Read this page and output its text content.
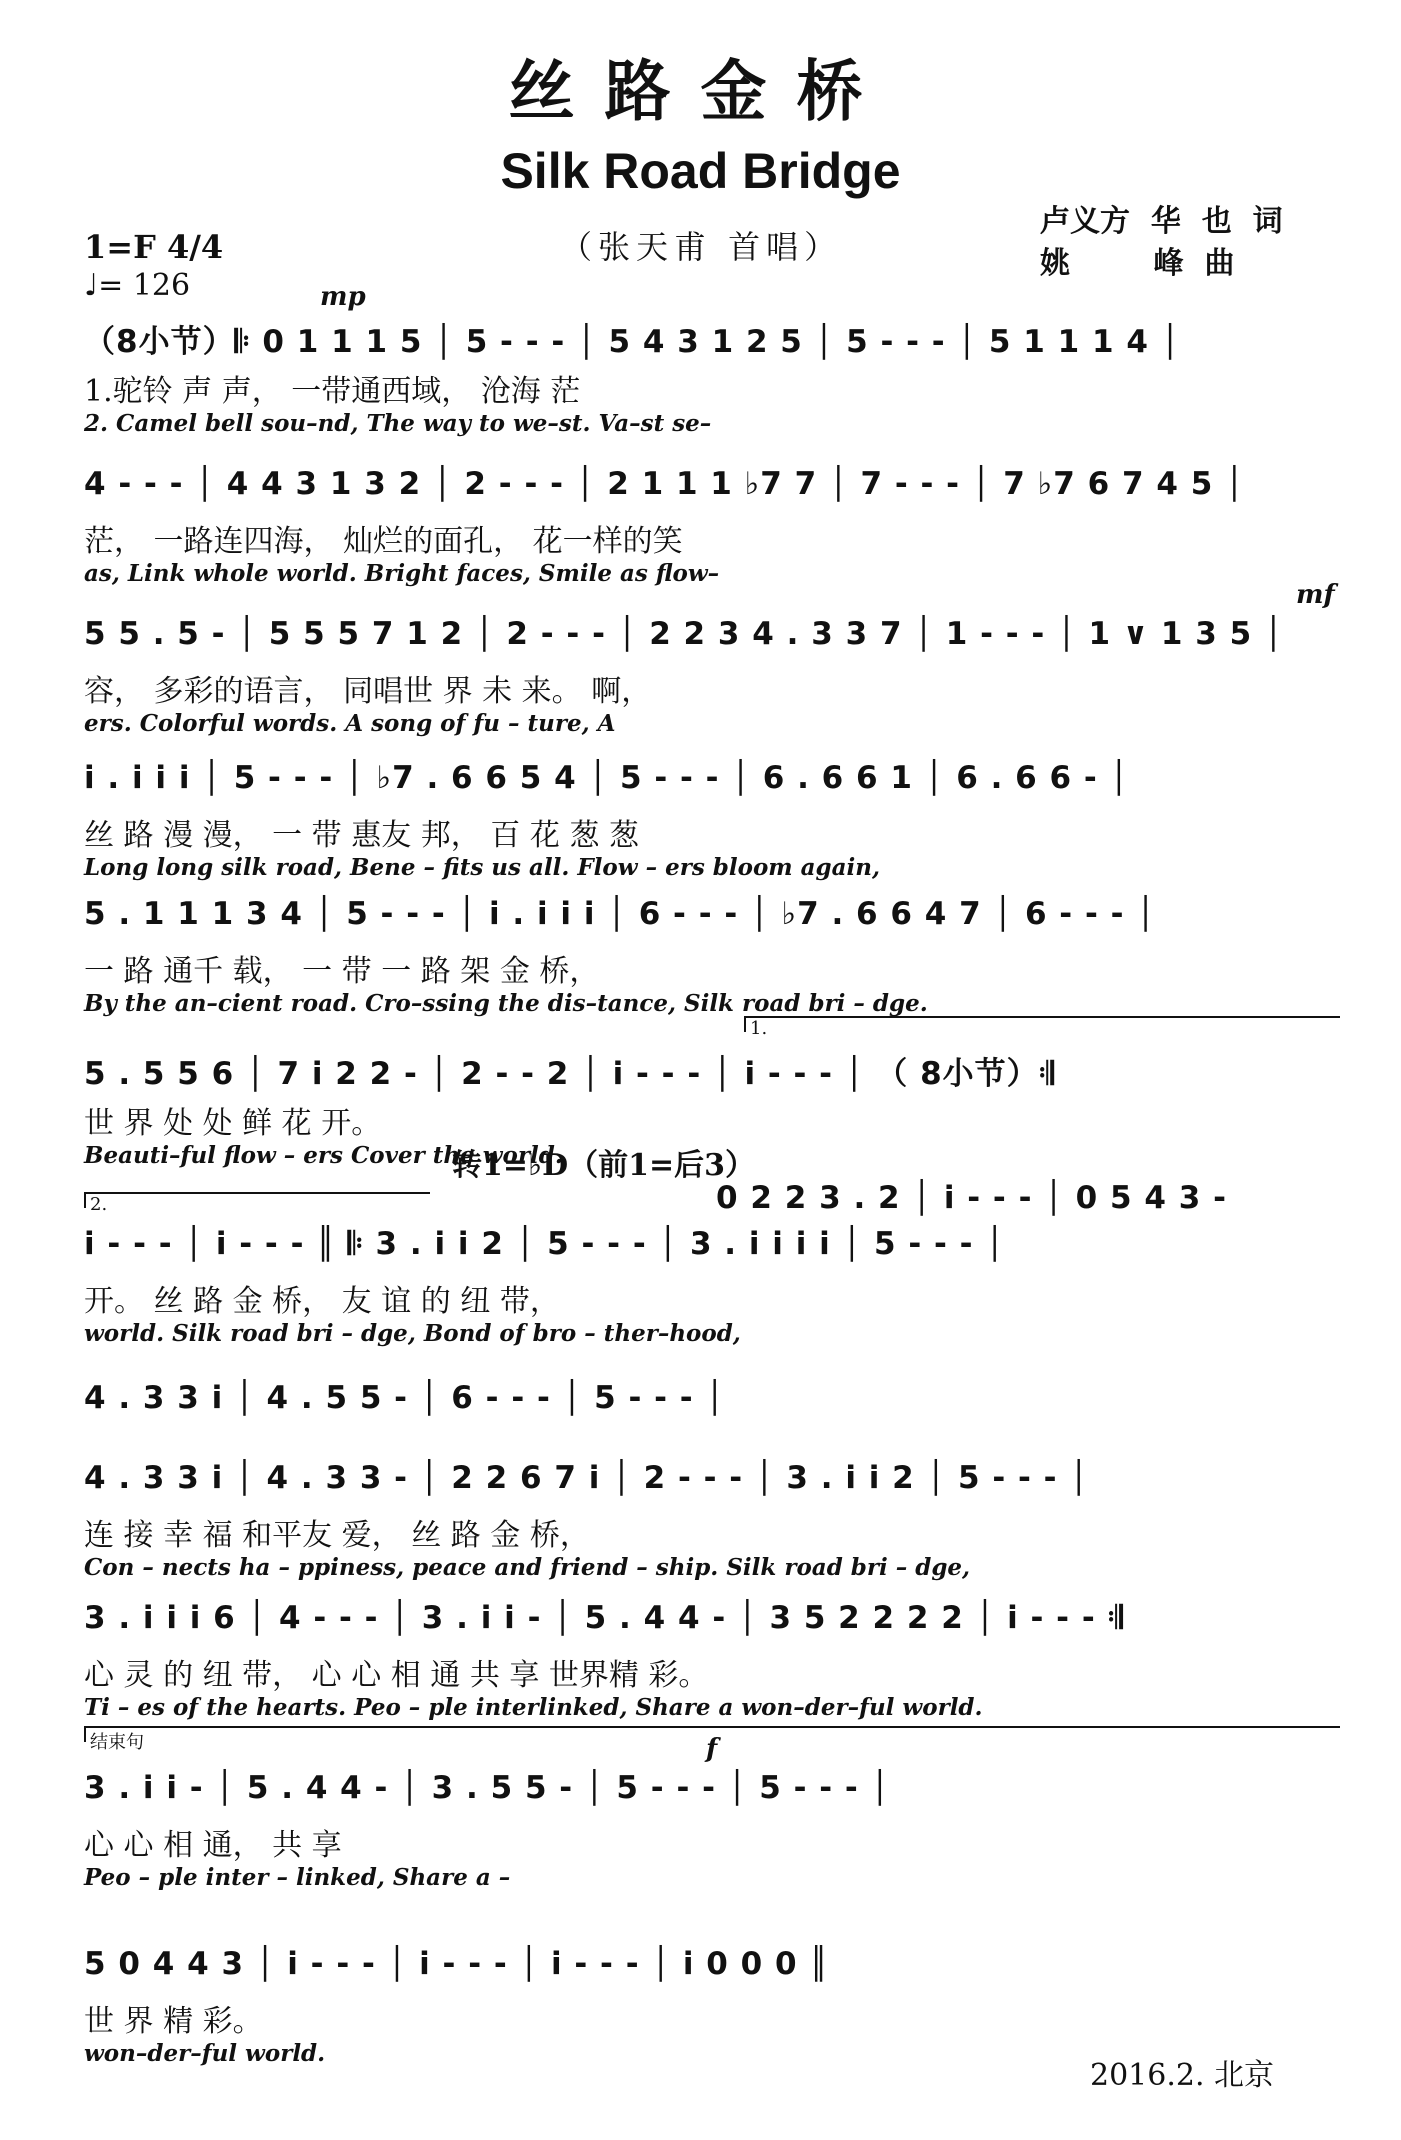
丝路金桥
Silk Road Bridge
（张天甫 首唱）
卢义方  华  也  词
姚        峰  曲
1=F 4/4
♩= 126
（8小节）𝄆 0 1 1 1 5 │ 5 - - - │ 5 4 3 1 2 5 │ 5 - - - │ 5 1 1 1 4 │
1.驼铃 声 声， 一带通西域， 沧海 茫
2. Camel bell sou–nd, The way to we–st. Va–st se–
mp
4 - - - │ 4 4 3 1 3 2 │ 2 - - - │ 2 1 1 1 ♭7 7 │ 7 - - - │ 7 ♭7 6 7 4 5 │
茫， 一路连四海， 灿烂的面孔， 花一样的笑
as, Link whole world. Bright faces, Smile as flow–
5 5 . 5 - │ 5 5 5 7 1 2 │ 2 - - - │ 2 2 3 4 . 3 3 7 │ 1 - - - │ 1 ∨ 1 3 5 │
容， 多彩的语言， 同唱世 界 未 来。 啊，
ers. Colorful words. A song of fu – ture, A
mf
i . i i i │ 5 - - - │ ♭7 . 6 6 5 4 │ 5 - - - │ 6 . 6 6 1 │ 6 . 6 6 - │
丝 路 漫 漫， 一 带 惠友 邦， 百 花 葱 葱
Long long silk road, Bene – fits us all. Flow – ers bloom again,
5 . 1 1 1 3 4 │ 5 - - - │ i . i i i │ 6 - - - │ ♭7 . 6 6 4 7 │ 6 - - - │
一 路 通千 载， 一 带 一 路 架 金 桥，
By the an–cient road. Cro–ssing the dis–tance, Silk road bri – dge.
5 . 5 5 6 │ 7 i 2 2 - │ 2 - - 2 │ i - - - │ i - - - │ （ 8小节）𝄇
世 界 处 处 鲜 花 开。
Beauti–ful flow – ers Cover the world.
1.
i - - - │ i - - - ║ 𝄆 3 . i i 2 │ 5 - - - │ 3 . i i i i │ 5 - - - │
开。 丝 路 金 桥， 友 谊 的 纽 带，
world. Silk road bri – dge, Bond of bro – ther–hood,
2.	0 2 2 3 . 2 │ i - - - │ 0 5 4 3 -
转1=♭D（前1=后3）
4 . 3 3 i │ 4 . 5 5 - │ 6 - - - │ 5 - - - │
4 . 3 3 i │ 4 . 3 3 - │ 2 2 6 7 i │ 2 - - - │ 3 . i i 2 │ 5 - - - │
连 接 幸 福 和平友 爱， 丝 路 金 桥，
Con – nects ha – ppiness, peace and friend – ship. Silk road bri – dge,
3 . i i i 6 │ 4 - - - │ 3 . i i - │ 5 . 4 4 - │ 3 5 2 2 2 2 │ i - - - 𝄇
心 灵 的 纽 带， 心 心 相 通 共 享 世界精 彩。
Ti – es of the hearts. Peo – ple interlinked, Share a won–der–ful world.
3 . i i - │ 5 . 4 4 - │ 3 . 5 5 - │ 5 - - - │ 5 - - - │
心 心 相 通， 共 享
Peo – ple inter – linked, Share a –
f
结束句
5 0 4 4 3 │ i - - - │ i - - - │ i - - - │ i 0 0 0 ║
世 界 精 彩。
won–der–ful world.
2016.2. 北京
